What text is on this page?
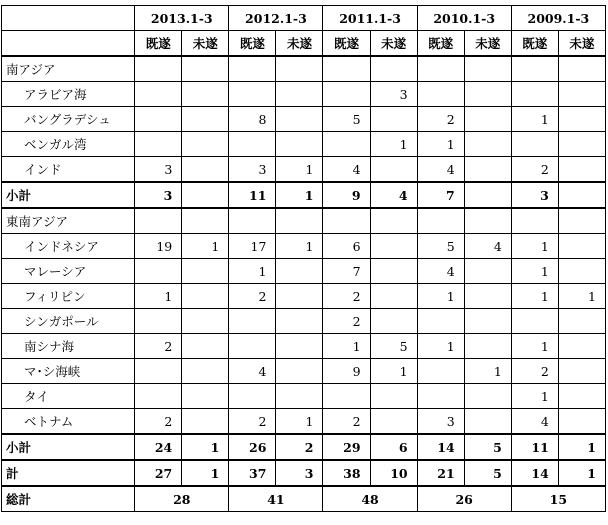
	2013.1-3		2012.1-3		2011.1-3		2010.1-3		2009.1-3	
	既遂	未遂	既遂	未遂	既遂	未遂	既遂	未遂	既遂	未遂
南アジア										
アラビア海						3				
バングラデシュ			8		5		2		1	
ベンガル湾						1	1			
インド	3		3	1	4		4		2	
小計	3		11	1	9	4	7		3	
東南アジア										
インドネシア	19	1	17	1	6		5	4	1	
マレーシア			1		7		4		1	
フィリピン	1		2		2		1		1	1
シンガポール					2					
南シナ海	2				1	5	1		1	
マ･シ海峡			4		9	1		1	2	
タイ									1	
ベトナム	2		2	1	2		3		4	
小計	24	1	26	2	29	6	14	5	11	1
計	27	1	37	3	38	10	21	5	14	1
総計	28		41		48		26		15	
